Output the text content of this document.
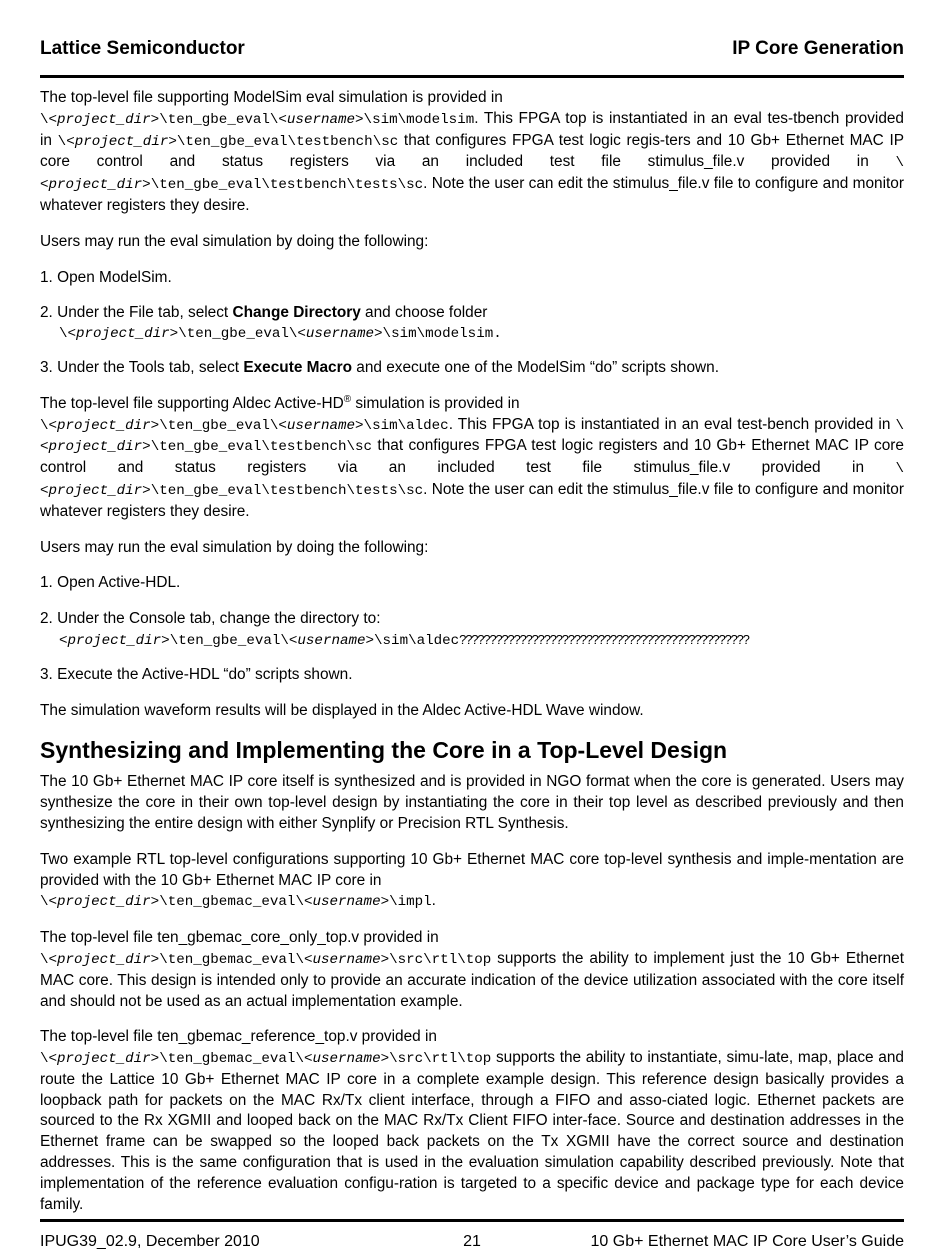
Lattice Semiconductor	IP Core Generation

The top-level file supporting ModelSim eval simulation is provided in
\<project_dir>\ten_gbe_eval\<username>\sim\modelsim. This FPGA top is instantiated in an eval tes-tbench provided in \<project_dir>\ten_gbe_eval\testbench\sc that configures FPGA test logic regis-ters and 10 Gb+ Ethernet MAC IP core control and status registers via an included test file stimulus_file.v provided in \<project_dir>\ten_gbe_eval\testbench\tests\sc. Note the user can edit the stimulus_file.v file to configure and monitor whatever registers they desire.

Users may run the eval simulation by doing the following:

1. Open ModelSim.

2. Under the File tab, select Change Directory and choose folder
\<project_dir>\ten_gbe_eval\<username>\sim\modelsim.

3. Under the Tools tab, select Execute Macro and execute one of the ModelSim “do” scripts shown.

The top-level file supporting Aldec Active-HD® simulation is provided in
\<project_dir>\ten_gbe_eval\<username>\sim\aldec. This FPGA top is instantiated in an eval test-bench provided in \<project_dir>\ten_gbe_eval\testbench\sc that configures FPGA test logic registers and 10 Gb+ Ethernet MAC IP core control and status registers via an included test file stimulus_file.v provided in \<project_dir>\ten_gbe_eval\testbench\tests\sc. Note the user can edit the stimulus_file.v file to configure and monitor whatever registers they desire.

Users may run the eval simulation by doing the following:

1. Open Active-HDL.

2. Under the Console tab, change the directory to:
<project_dir>\ten_gbe_eval\<username>\sim\aldec????????????????????????????????????????????????

3. Execute the Active-HDL “do” scripts shown.

The simulation waveform results will be displayed in the Aldec Active-HDL Wave window.

Synthesizing and Implementing the Core in a Top-Level Design

The 10 Gb+ Ethernet MAC IP core itself is synthesized and is provided in NGO format when the core is generated. Users may synthesize the core in their own top-level design by instantiating the core in their top level as described previously and then synthesizing the entire design with either Synplify or Precision RTL Synthesis.

Two example RTL top-level configurations supporting 10 Gb+ Ethernet MAC core top-level synthesis and imple-mentation are provided with the 10 Gb+ Ethernet MAC IP core in
\<project_dir>\ten_gbemac_eval\<username>\impl.

The top-level file ten_gbemac_core_only_top.v provided in
\<project_dir>\ten_gbemac_eval\<username>\src\rtl\top supports the ability to implement just the 10 Gb+ Ethernet MAC core. This design is intended only to provide an accurate indication of the device utilization associated with the core itself and should not be used as an actual implementation example.

The top-level file ten_gbemac_reference_top.v provided in
\<project_dir>\ten_gbemac_eval\<username>\src\rtl\top supports the ability to instantiate, simu-late, map, place and route the Lattice 10 Gb+ Ethernet MAC IP core in a complete example design. This reference design basically provides a loopback path for packets on the MAC Rx/Tx client interface, through a FIFO and asso-ciated logic. Ethernet packets are sourced to the Rx XGMII and looped back on the MAC Rx/Tx Client FIFO inter-face. Source and destination addresses in the Ethernet frame can be swapped so the looped back packets on the Tx XGMII have the correct source and destination addresses. This is the same configuration that is used in the evaluation simulation capability described previously. Note that implementation of the reference evaluation configu-ration is targeted to a specific device and package type for each device family.

IPUG39_02.9, December 2010	21	10 Gb+ Ethernet MAC IP Core User’s Guide
